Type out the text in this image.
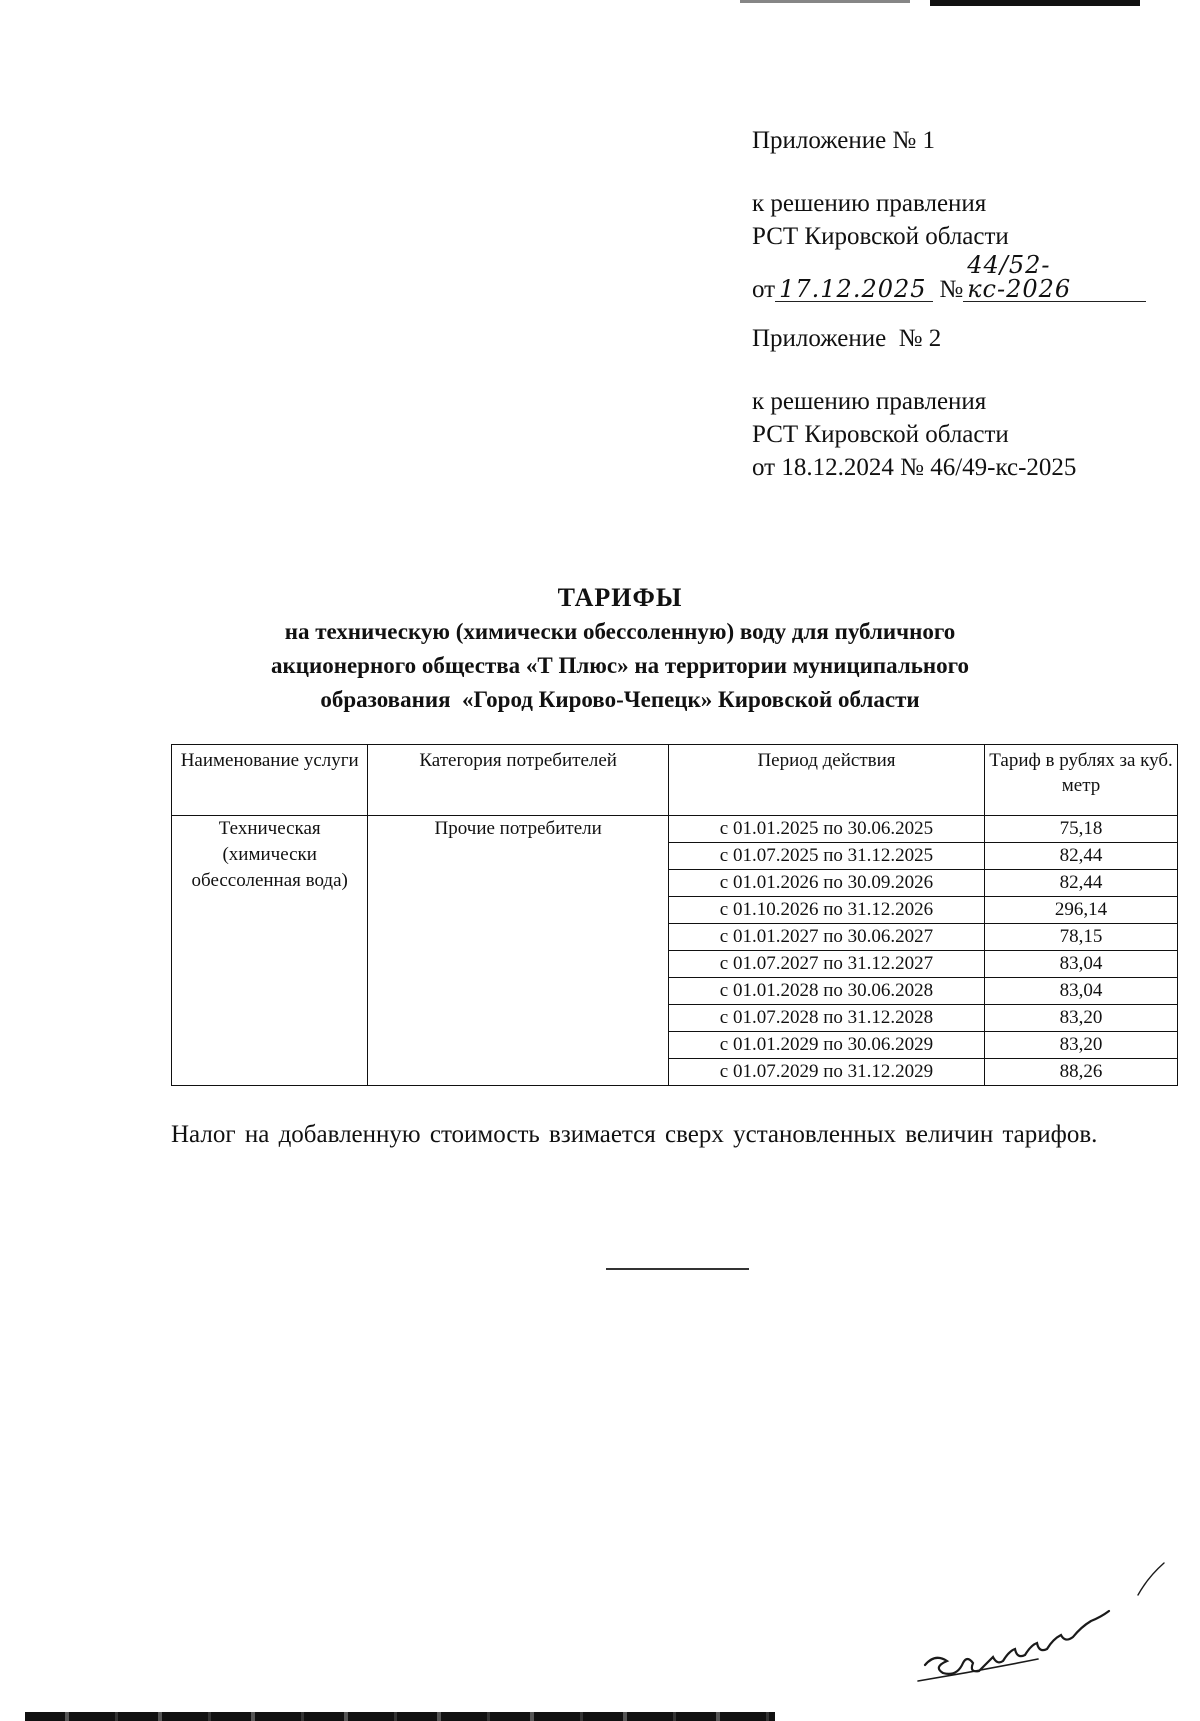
Приложение № 1

к решению правления

РСТ Кировской области

от 17.12.2025 №44/52-кс-2026

Приложение  № 2

к решению правления

РСТ Кировской области

от 18.12.2024 № 46/49-кс-2025

ТАРИФЫ

на техническую (химически обессоленную) воду для публичного

акционерного общества «Т Плюс» на территории муниципального

образования  «Город Кирово-Чепецк» Кировской области

Наименование услуги	Категория потребителей	Период действия	Тариф в рублях за куб. метр
Техническая (химически обессоленная вода)	Прочие потребители	с 01.01.2025 по 30.06.2025	75,18
		с 01.07.2025 по 31.12.2025	82,44
		с 01.01.2026 по 30.09.2026	82,44
		с 01.10.2026 по 31.12.2026	296,14
		с 01.01.2027 по 30.06.2027	78,15
		с 01.07.2027 по 31.12.2027	83,04
		с 01.01.2028 по 30.06.2028	83,04
		с 01.07.2028 по 31.12.2028	83,20
		с 01.01.2029 по 30.06.2029	83,20
		с 01.07.2029 по 31.12.2029	88,26
Налог на добавленную стоимость взимается сверх установленных величин тарифов.
